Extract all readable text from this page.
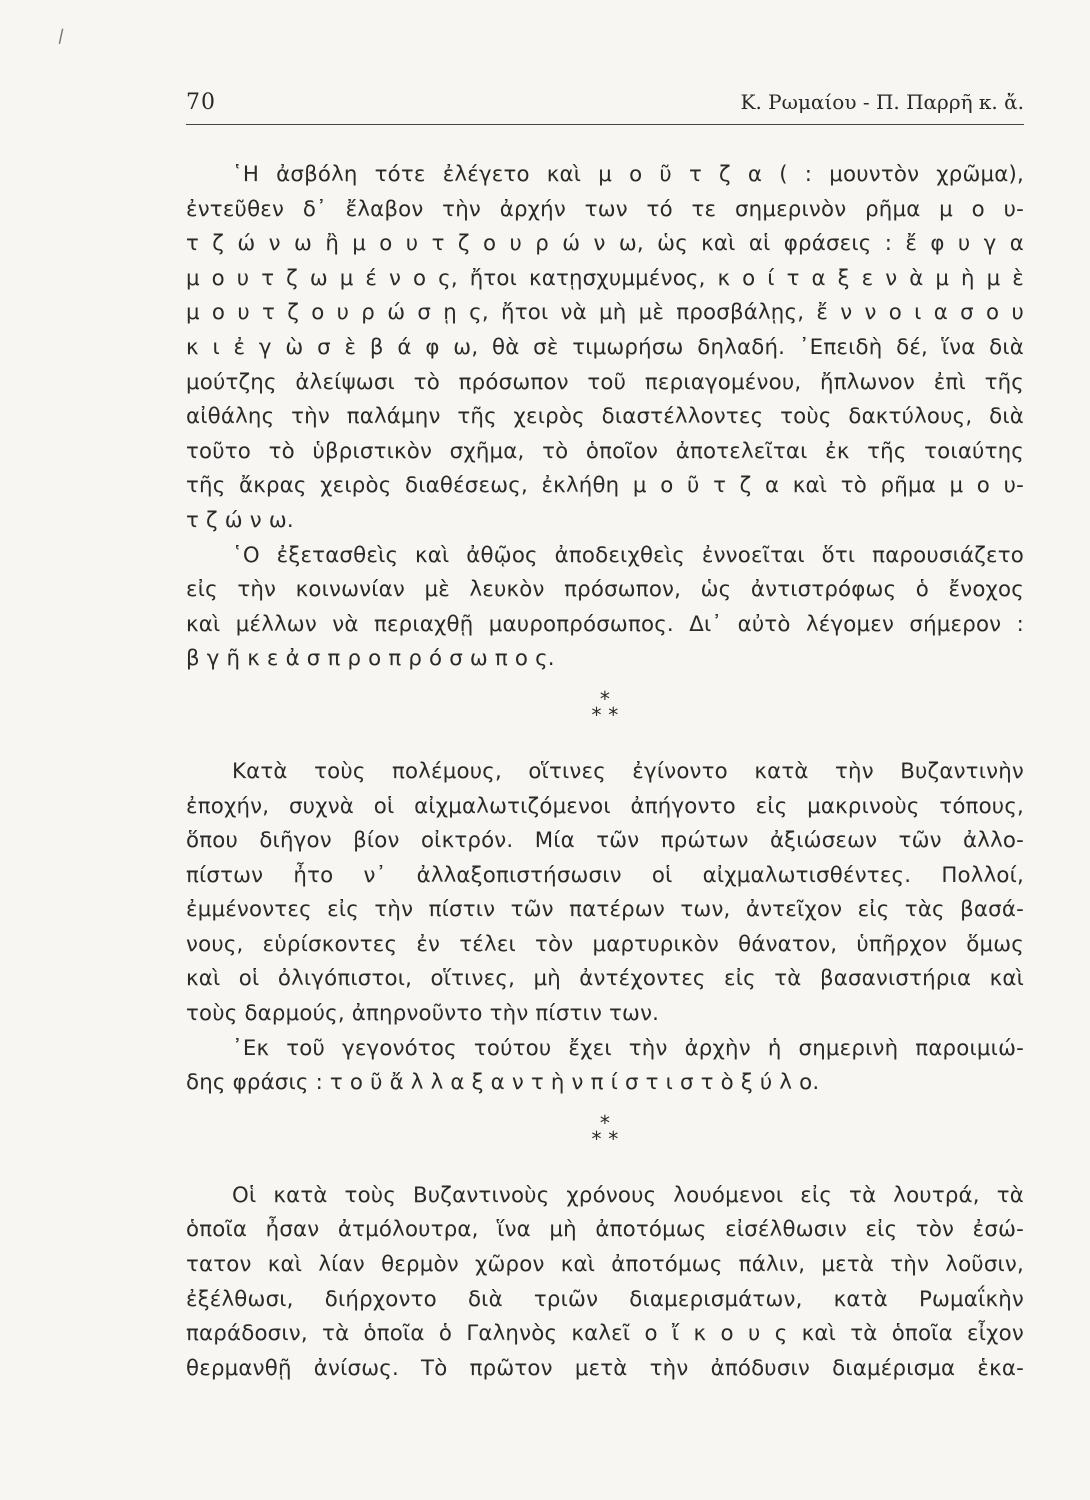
/
70	Κ. Ρωμαίου - Π. Παρρῆ κ. ἄ.
῾Η ἀσβόλη τότε ἐλέγετο καὶ μ ο ῦ τ ζ α ( : μουντὸν χρῶμα),
ἐντεῦθεν δ᾽ ἔλαβον τὴν ἀρχήν των τό τε σημερινὸν ρῆμα μ ο υ-
τ ζ ώ ν ω ἢ μ ο υ τ ζ ο υ ρ ώ ν ω, ὡς καὶ αἱ φράσεις : ἔ φ υ γ α
μ ο υ τ ζ ω μ έ ν ο ς, ἤτοι κατῃσχυμμένος, κ ο ί τ α ξ ε ν ὰ μ ὴ μ ὲ
μ ο υ τ ζ ο υ ρ ώ σ ῃ ς, ἤτοι νὰ μὴ μὲ προσβάλῃς, ἔ ν ν ο ι α σ ο υ
κ ι ἐ γ ὼ σ ὲ β ά φ ω, θὰ σὲ τιμωρήσω δηλαδή. ᾽Επειδὴ δέ, ἵνα διὰ
μούτζης ἀλείψωσι τὸ πρόσωπον τοῦ περιαγομένου, ἤπλωνον ἐπὶ τῆς
αἰθάλης τὴν παλάμην τῆς χειρὸς διαστέλλοντες τοὺς δακτύλους, διὰ
τοῦτο τὸ ὑβριστικὸν σχῆμα, τὸ ὁποῖον ἀποτελεῖται ἐκ τῆς τοιαύτης
τῆς ἄκρας χειρὸς διαθέσεως, ἐκλήθη μ ο ῦ τ ζ α καὶ τὸ ρῆμα μ ο υ-
τ ζ ώ ν ω.
῾Ο ἐξετασθεὶς καὶ ἀθῷος ἀποδειχθεὶς ἐννοεῖται ὅτι παρουσιάζετο
εἰς τὴν κοινωνίαν μὲ λευκὸν πρόσωπον, ὡς ἀντιστρόφως ὁ ἔνοχος
καὶ μέλλων νὰ περιαχθῇ μαυροπρόσωπος. Δι᾽ αὐτὸ λέγομεν σήμερον :
β γ ῆ κ ε ἀ σ π ρ ο π ρ ό σ ω π ο ς.
*
* *
Κατὰ τοὺς πολέμους, οἵτινες ἐγίνοντο κατὰ τὴν Βυζαντινὴν
ἐποχήν, συχνὰ οἱ αἰχμαλωτιζόμενοι ἀπήγοντο εἰς μακρινοὺς τόπους,
ὅπου διῆγον βίον οἰκτρόν. Μία τῶν πρώτων ἀξιώσεων τῶν ἀλλο-
πίστων ἦτο ν᾽ ἀλλαξοπιστήσωσιν οἱ αἰχμαλωτισθέντες. Πολλοί,
ἐμμένοντες εἰς τὴν πίστιν τῶν πατέρων των, ἀντεῖχον εἰς τὰς βασά-
νους, εὑρίσκοντες ἐν τέλει τὸν μαρτυρικὸν θάνατον, ὑπῆρχον ὅμως
καὶ οἱ ὀλιγόπιστοι, οἵτινες, μὴ ἀντέχοντες εἰς τὰ βασανιστήρια καὶ
τοὺς δαρμούς, ἀπηρνοῦντο τὴν πίστιν των.
᾽Εκ τοῦ γεγονότος τούτου ἔχει τὴν ἀρχὴν ἡ σημερινὴ παροιμιώ-
δης φράσις : τ ο ῦ ἄ λ λ α ξ α ν τ ὴ ν π ί σ τ ι σ τ ὸ ξ ύ λ ο.
*
* *
Οἱ κατὰ τοὺς Βυζαντινοὺς χρόνους λουόμενοι εἰς τὰ λουτρά, τὰ
ὁποῖα ἦσαν ἀτμόλουτρα, ἵνα μὴ ἀποτόμως εἰσέλθωσιν εἰς τὸν ἐσώ-
τατον καὶ λίαν θερμὸν χῶρον καὶ ἀποτόμως πάλιν, μετὰ τὴν λοῦσιν,
ἐξέλθωσι, διήρχοντο διὰ τριῶν διαμερισμάτων, κατὰ Ρωμαΐκὴν
παράδοσιν, τὰ ὁποῖα ὁ Γαληνὸς καλεῖ ο ἴ κ ο υ ς καὶ τὰ ὁποῖα εἶχον
θερμανθῇ ἀνίσως. Τὸ πρῶτον μετὰ τὴν ἀπόδυσιν διαμέρισμα ἑκα-
